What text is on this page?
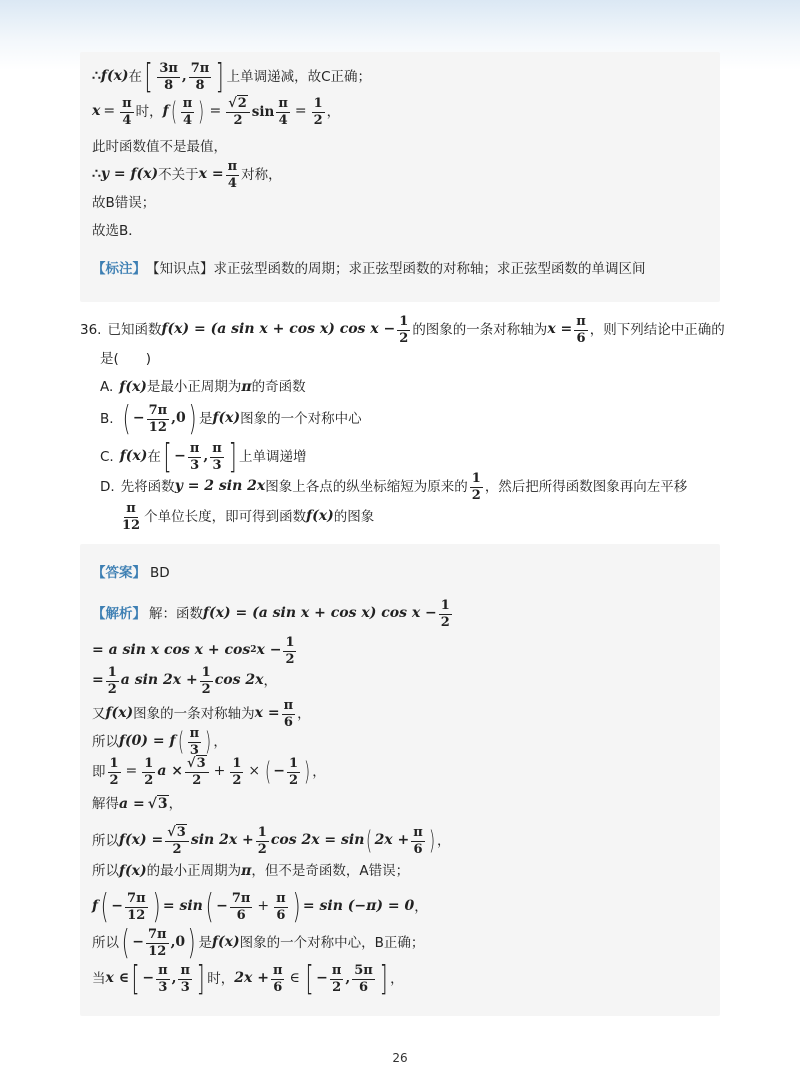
∴ f(x) 在 [ $\frac{3\pi}{8}$ , $\frac{7\pi}{8}$ ] 上单调递减，故C正确；
$x = \frac{\pi}{4}$ 时， f ( $\frac{\pi}{4}$ ) = $\frac{√2}{2}$ $\sin \frac{\pi}{4} = \frac{1}{2}$ ，
此时函数值不是最值，
∴ y = f(x) 不关于 $x = \frac{\pi}{4}$ 对称，
故B错误；
故选B．
【标注】 【知识点】求正弦型函数的周期；求正弦型函数的对称轴；求正弦型函数的单调区间
36. 已知函数 f(x) = (a sin x + cos x) $\cos x - \frac{1}{2}$ 的图象的一条对称轴为 $x = \frac{\pi}{6}$ ，则下列结论中正确的
是(　　)
A. f(x) 是最小正周期为 π 的奇函数
B. ( − $\frac{7\pi}{12} ,0$ ) 是 f(x) 图象的一个对称中心
C. f(x) 在 [ − $\frac{\pi}{3}$ , $\frac{\pi}{3}$ ] 上单调递增
D. 先将函数 y = 2 sin 2x 图象上各点的纵坐标缩短为原来的 $\frac{1}{2}$ ，然后把所得函数图象再向左平移
$\frac{\pi}{12}$ 个单位长度，即可得到函数 f(x) 的图象
【答案】 BD
【解析】 解：函数 f(x) = (a sin x + cos x) $\cos x - \frac{1}{2}$
= a sin x cos x + cos 2 $x - \frac{1}{2}$
= $\frac{1}{2}$ a $\sin 2x + \frac{1}{2}$ cos 2x ，
又 f(x) 图象的一条对称轴为 $x = \frac{\pi}{6}$ ，
所以 f(0) = f ( $\frac{\pi}{3}$ ) ，
即 $\frac{1}{2} = \frac{1}{2}$ $a \times \frac{√3}{2} + \frac{1}{2}$ × ( − $\frac{1}{2}$ ) ，
解得 a = √3 ，
所以 $f(x) = \frac{√3}{2}$ $\sin 2x + \frac{1}{2}$ cos 2x = sin ( $2x + \frac{\pi}{6}$ ) ，
所以 f(x) 的最小正周期为 π ，但不是奇函数，A错误；
f ( − $\frac{7\pi}{12}$ ) = sin ( − $\frac{7\pi}{6} + \frac{\pi}{6}$ ) = sin (−π) = 0 ，
所以 ( − $\frac{7\pi}{12} ,0$ ) 是 f(x) 图象的一个对称中心，B正确；
当 x ∈ [ − $\frac{\pi}{3}$ , $\frac{\pi}{3}$ ] 时， $2x + \frac{\pi}{6}$ ∈ [ − $\frac{\pi}{2}$ , $\frac{5\pi}{6}$ ] ，
26
